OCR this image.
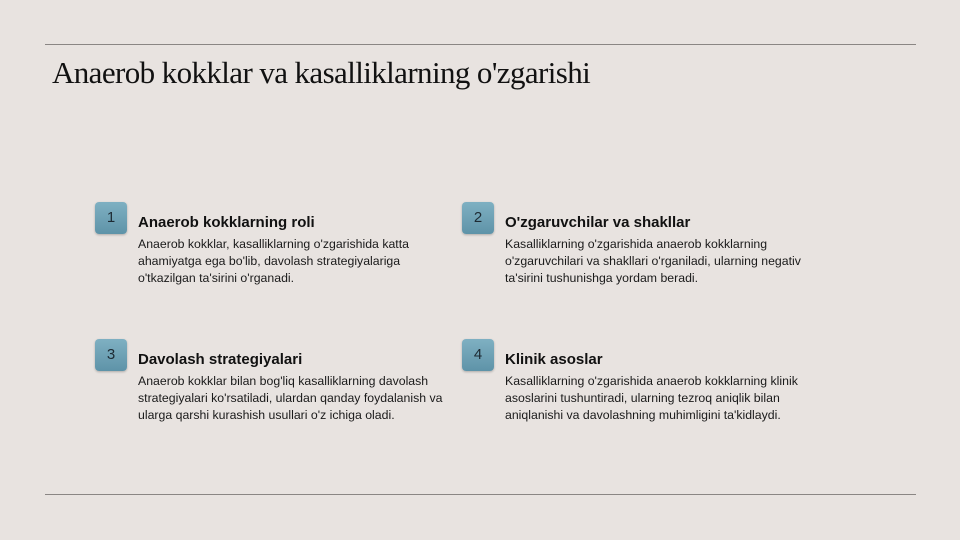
Anaerob kokklar va kasalliklarning o'zgarishi
1	Anaerob kokklarning roli

Anaerob kokklar, kasalliklarning o'zgarishida katta ahamiyatga ega bo'lib, davolash strategiyalariga o'tkazilgan ta'sirini o'rganadi.

2	O'zgaruvchilar va shakllar

Kasalliklarning o'zgarishida anaerob kokklarning o'zgaruvchilari va shakllari o'rganiladi, ularning negativ ta'sirini tushunishga yordam beradi.

3	Davolash strategiyalari

Anaerob kokklar bilan bog'liq kasalliklarning davolash strategiyalari ko'rsatiladi, ulardan qanday foydalanish va ularga qarshi kurashish usullari o'z ichiga oladi.

4	Klinik asoslar

Kasalliklarning o'zgarishida anaerob kokklarning klinik asoslarini tushuntiradi, ularning tezroq aniqlik bilan aniqlanishi va davolashning muhimligini ta'kidlaydi.
